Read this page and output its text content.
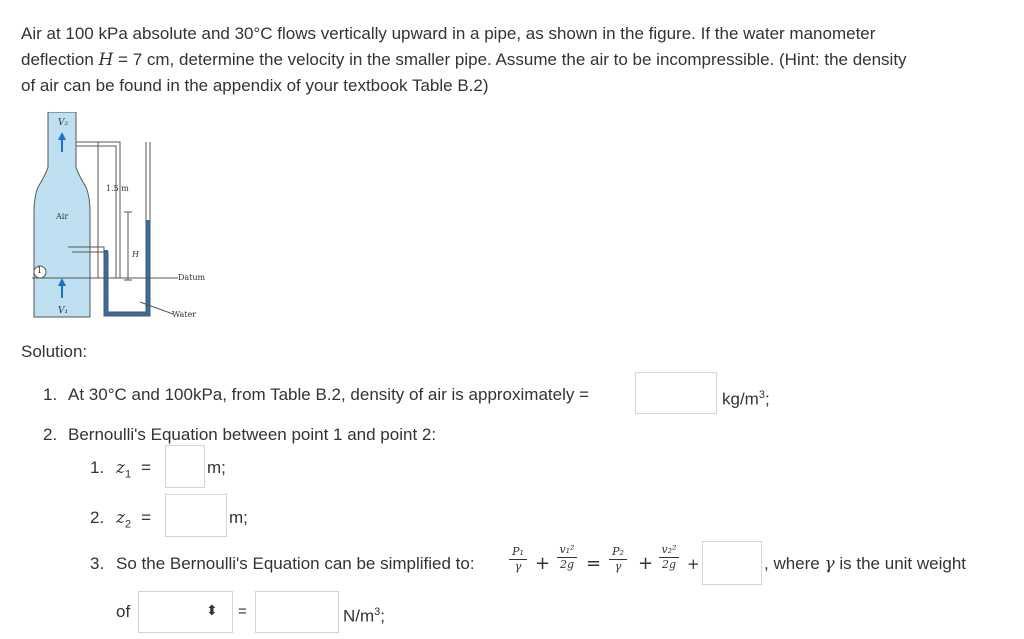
Air at 100 kPa absolute and 30°C flows vertically upward in a pipe, as shown in the figure. If the water manometer

deflection H = 7 cm, determine the velocity in the smaller pipe. Assume the air to be incompressible. (Hint: the density

of air can be found in the appendix of your textbook Table B.2)

V₂
1.5 m
Air
H
Datum
Water
1
V₁
Solution:
1. At 30°C and 100kPa, from Table B.2, density of air is approximately =	$kg/m^3$;
2. Bernoulli's Equation between point 1 and point 2:
1. $z_1$ =	m;
2. $z_2$ =	m;
3. So the Bernoulli's Equation can be simplified to:
P₁
γ +
v₁²
2g =
P₂
γ +
v₂²
2g +	, where γ is the unit weight
of	⬍ =	$N/m^3$;
